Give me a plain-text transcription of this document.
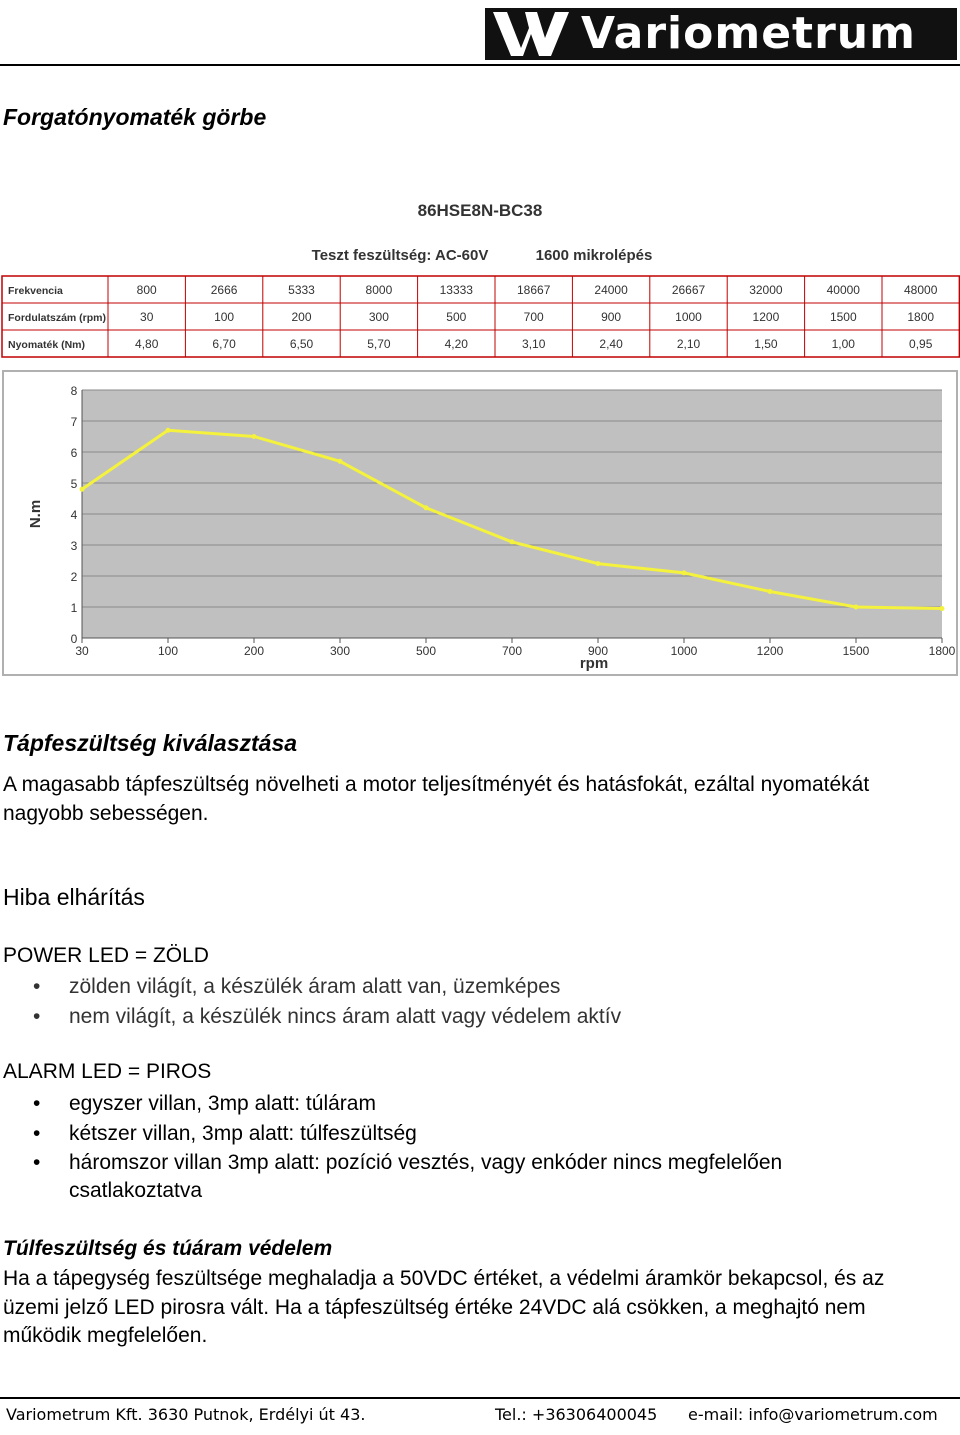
Variometrum
Forgatónyomaték görbe
86HSE8N-BC38
Teszt feszültség: AC-60V	1600 mikrolépés
Frekvencia	800	2666	5333	8000	13333	18667	24000	26667	32000	40000	48000
Fordulatszám (rpm)	30	100	200	300	500	700	900	1000	1200	1500	1800
Nyomaték (Nm)	4,80	6,70	6,50	5,70	4,20	3,10	2,40	2,10	1,50	1,00	0,95
0
1
2
3
4
5
6
7
8
30	100	200	300	500	700	900	1000	1200	1500	1800
rpm
N.m
Tápfeszültség kiválasztása
A magasabb tápfeszültség növelheti a motor teljesítményét és hatásfokát, ezáltal nyomatékát nagyobb sebességen.
Hiba elhárítás
POWER LED = ZÖLD
• zölden világít, a készülék áram alatt van, üzemképes
• nem világít, a készülék nincs áram alatt vagy védelem aktív
ALARM LED = PIROS
• egyszer villan, 3mp alatt: túláram
• kétszer villan, 3mp alatt: túlfeszültség
• háromszor villan 3mp alatt: pozíció vesztés, vagy enkóder nincs megfelelően csatlakoztatva
Túlfeszültség és túáram védelem
Ha a tápegység feszültsége meghaladja a 50VDC értéket, a védelmi áramkör bekapcsol, és az üzemi jelző LED pirosra vált. Ha a tápfeszültség értéke 24VDC alá csökken, a meghajtó nem működik megfelelően.
Variometrum Kft. 3630 Putnok, Erdélyi út 43.	Tel.: +36306400045 e-mail: info@variometrum.com
